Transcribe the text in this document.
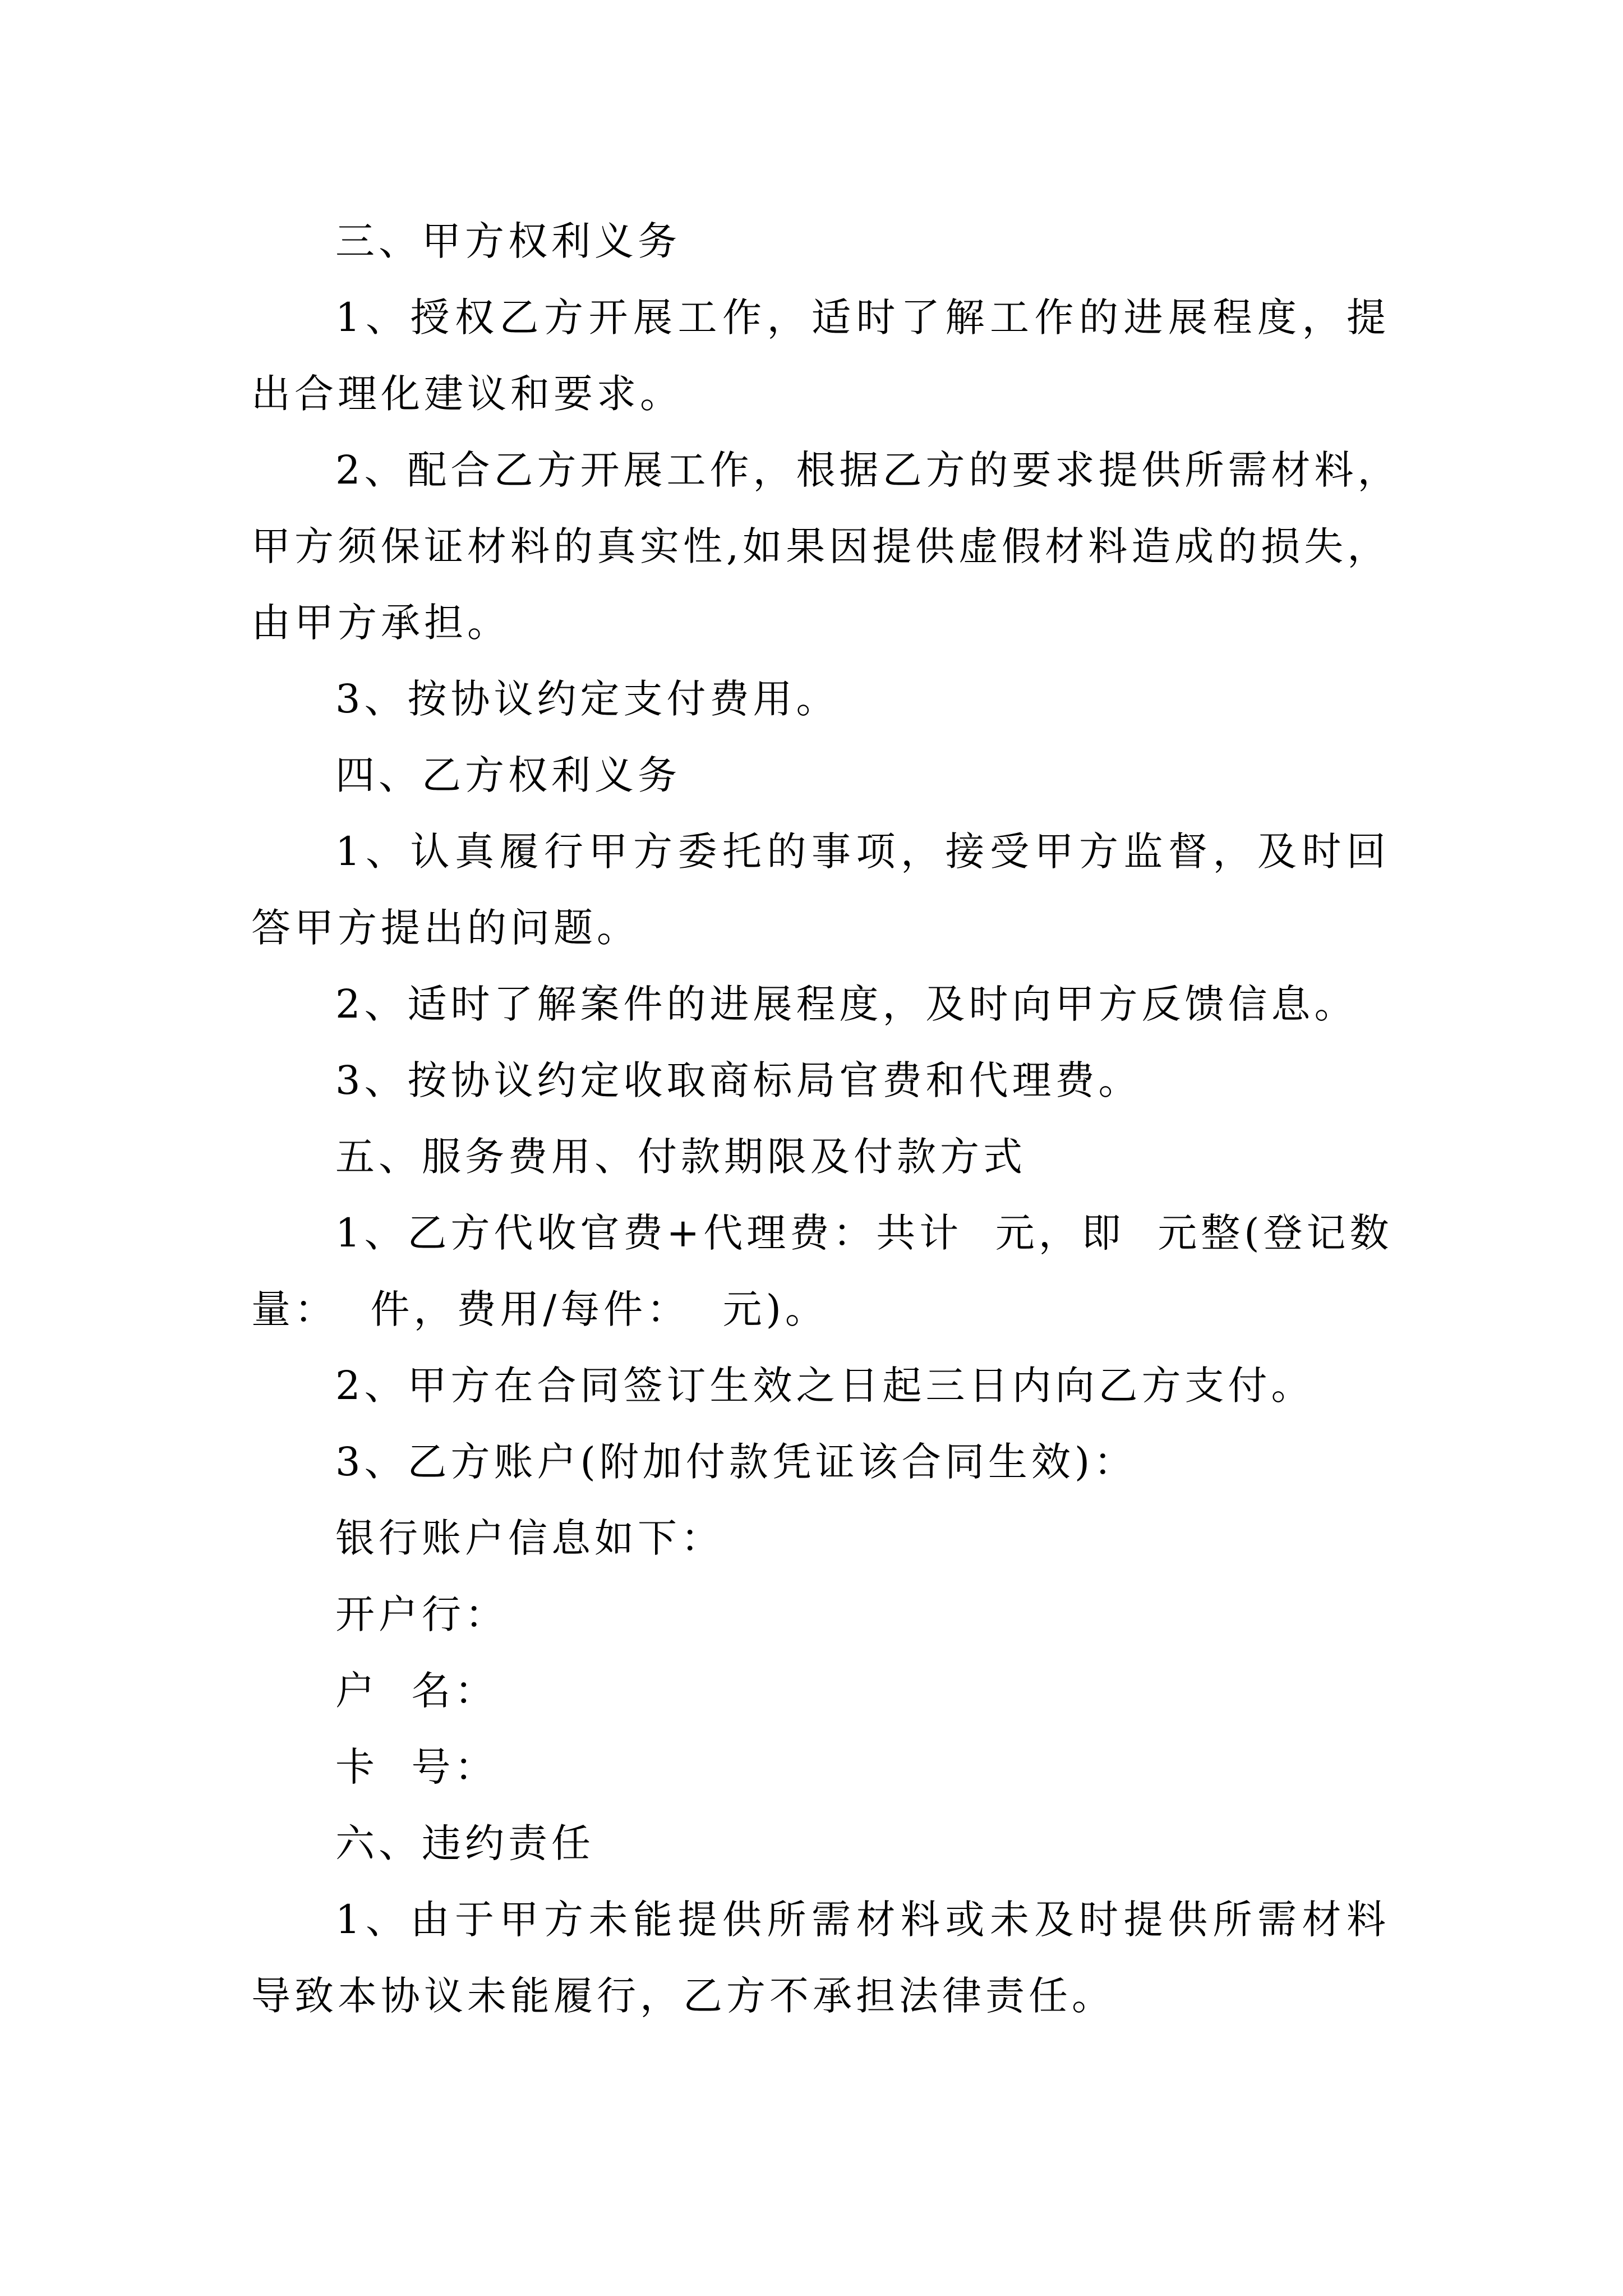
三、甲方权利义务
1、授权乙方开展工作，适时了解工作的进展程度，提
出合理化建议和要求。
2、配合乙方开展工作，根据乙方的要求提供所需材料，
甲方须保证材料的真实性,如果因提供虚假材料造成的损失，
由甲方承担。
3、按协议约定支付费用。
四、乙方权利义务
1、认真履行甲方委托的事项，接受甲方监督，及时回
答甲方提出的问题。
2、适时了解案件的进展程度，及时向甲方反馈信息。
3、按协议约定收取商标局官费和代理费。
五、服务费用、付款期限及付款方式
1、乙方代收官费+代理费：共计  元，即  元整(登记数
量：  件，费用/每件：  元)。
2、甲方在合同签订生效之日起三日内向乙方支付。
3、乙方账户(附加付款凭证该合同生效)：
银行账户信息如下：
开户行：
户  名：
卡  号：
六、违约责任
1、由于甲方未能提供所需材料或未及时提供所需材料
导致本协议未能履行，乙方不承担法律责任。
